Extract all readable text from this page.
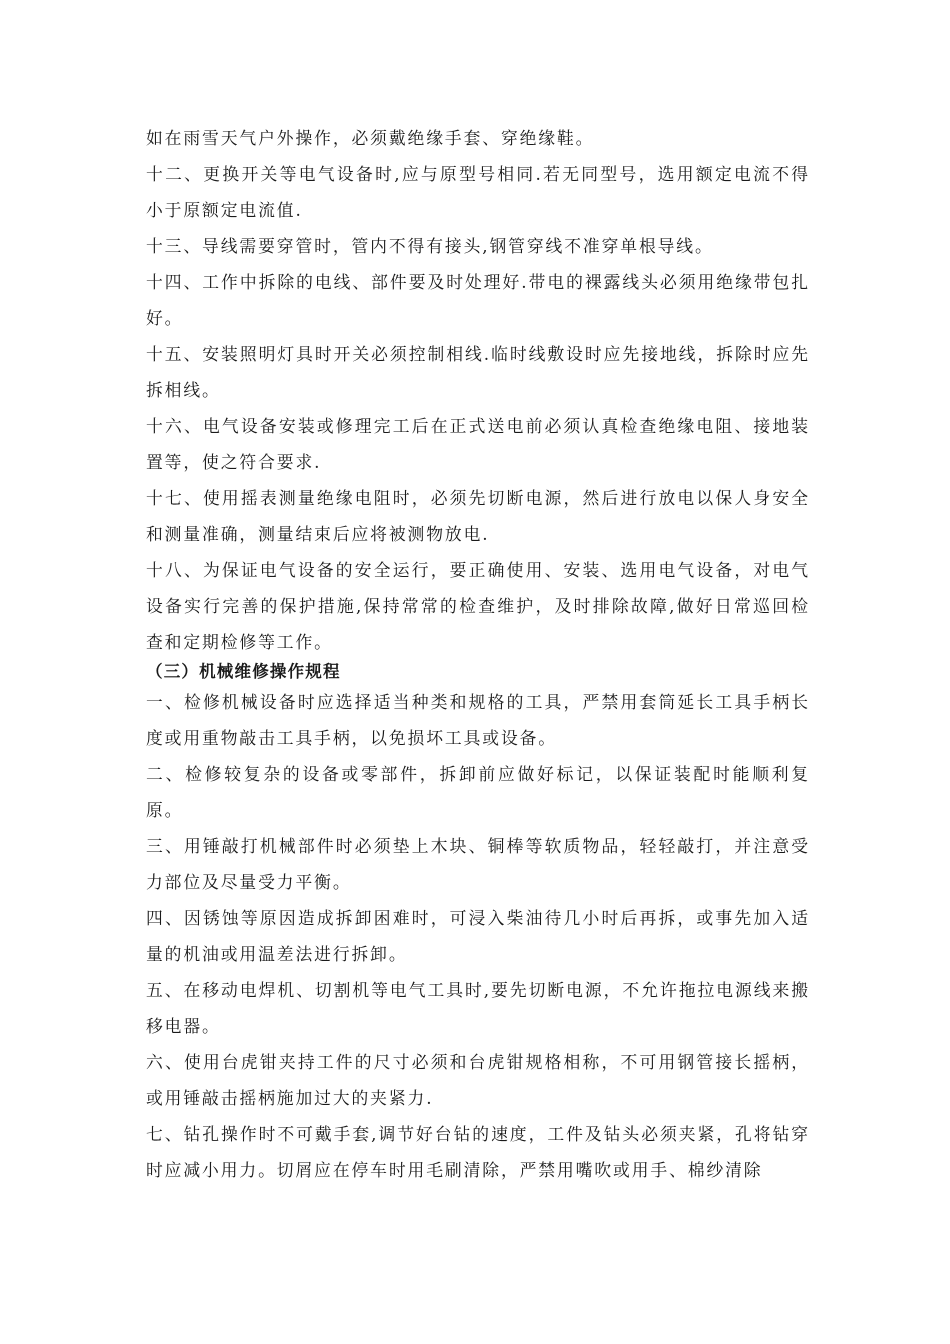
如在雨雪天气户外操作，必须戴绝缘手套、穿绝缘鞋。

十二、更换开关等电气设备时,应与原型号相同.若无同型号，选用额定电流不得小于原额定电流值.

十三、导线需要穿管时，管内不得有接头,钢管穿线不准穿单根导线。

十四、工作中拆除的电线、部件要及时处理好.带电的裸露线头必须用绝缘带包扎好。

十五、安装照明灯具时开关必须控制相线.临时线敷设时应先接地线，拆除时应先拆相线。

十六、电气设备安装或修理完工后在正式送电前必须认真检查绝缘电阻、接地装置等，使之符合要求.

十七、使用摇表测量绝缘电阻时，必须先切断电源，然后进行放电以保人身安全和测量准确，测量结束后应将被测物放电.

十八、为保证电气设备的安全运行，要正确使用、安装、选用电气设备，对电气设备实行完善的保护措施,保持常常的检查维护，及时排除故障,做好日常巡回检查和定期检修等工作。

（三）机械维修操作规程

一、检修机械设备时应选择适当种类和规格的工具，严禁用套筒延长工具手柄长度或用重物敲击工具手柄，以免损坏工具或设备。

二、检修较复杂的设备或零部件，拆卸前应做好标记，以保证装配时能顺利复原。

三、用锤敲打机械部件时必须垫上木块、铜棒等软质物品，轻轻敲打，并注意受力部位及尽量受力平衡。

四、因锈蚀等原因造成拆卸困难时，可浸入柴油待几小时后再拆，或事先加入适量的机油或用温差法进行拆卸。

五、在移动电焊机、切割机等电气工具时,要先切断电源，不允许拖拉电源线来搬移电器。

六、使用台虎钳夹持工件的尺寸必须和台虎钳规格相称，不可用钢管接长摇柄，或用锤敲击摇柄施加过大的夹紧力.

七、钻孔操作时不可戴手套,调节好台钻的速度，工件及钻头必须夹紧，孔将钻穿时应减小用力。切屑应在停车时用毛刷清除，严禁用嘴吹或用手、棉纱清除
